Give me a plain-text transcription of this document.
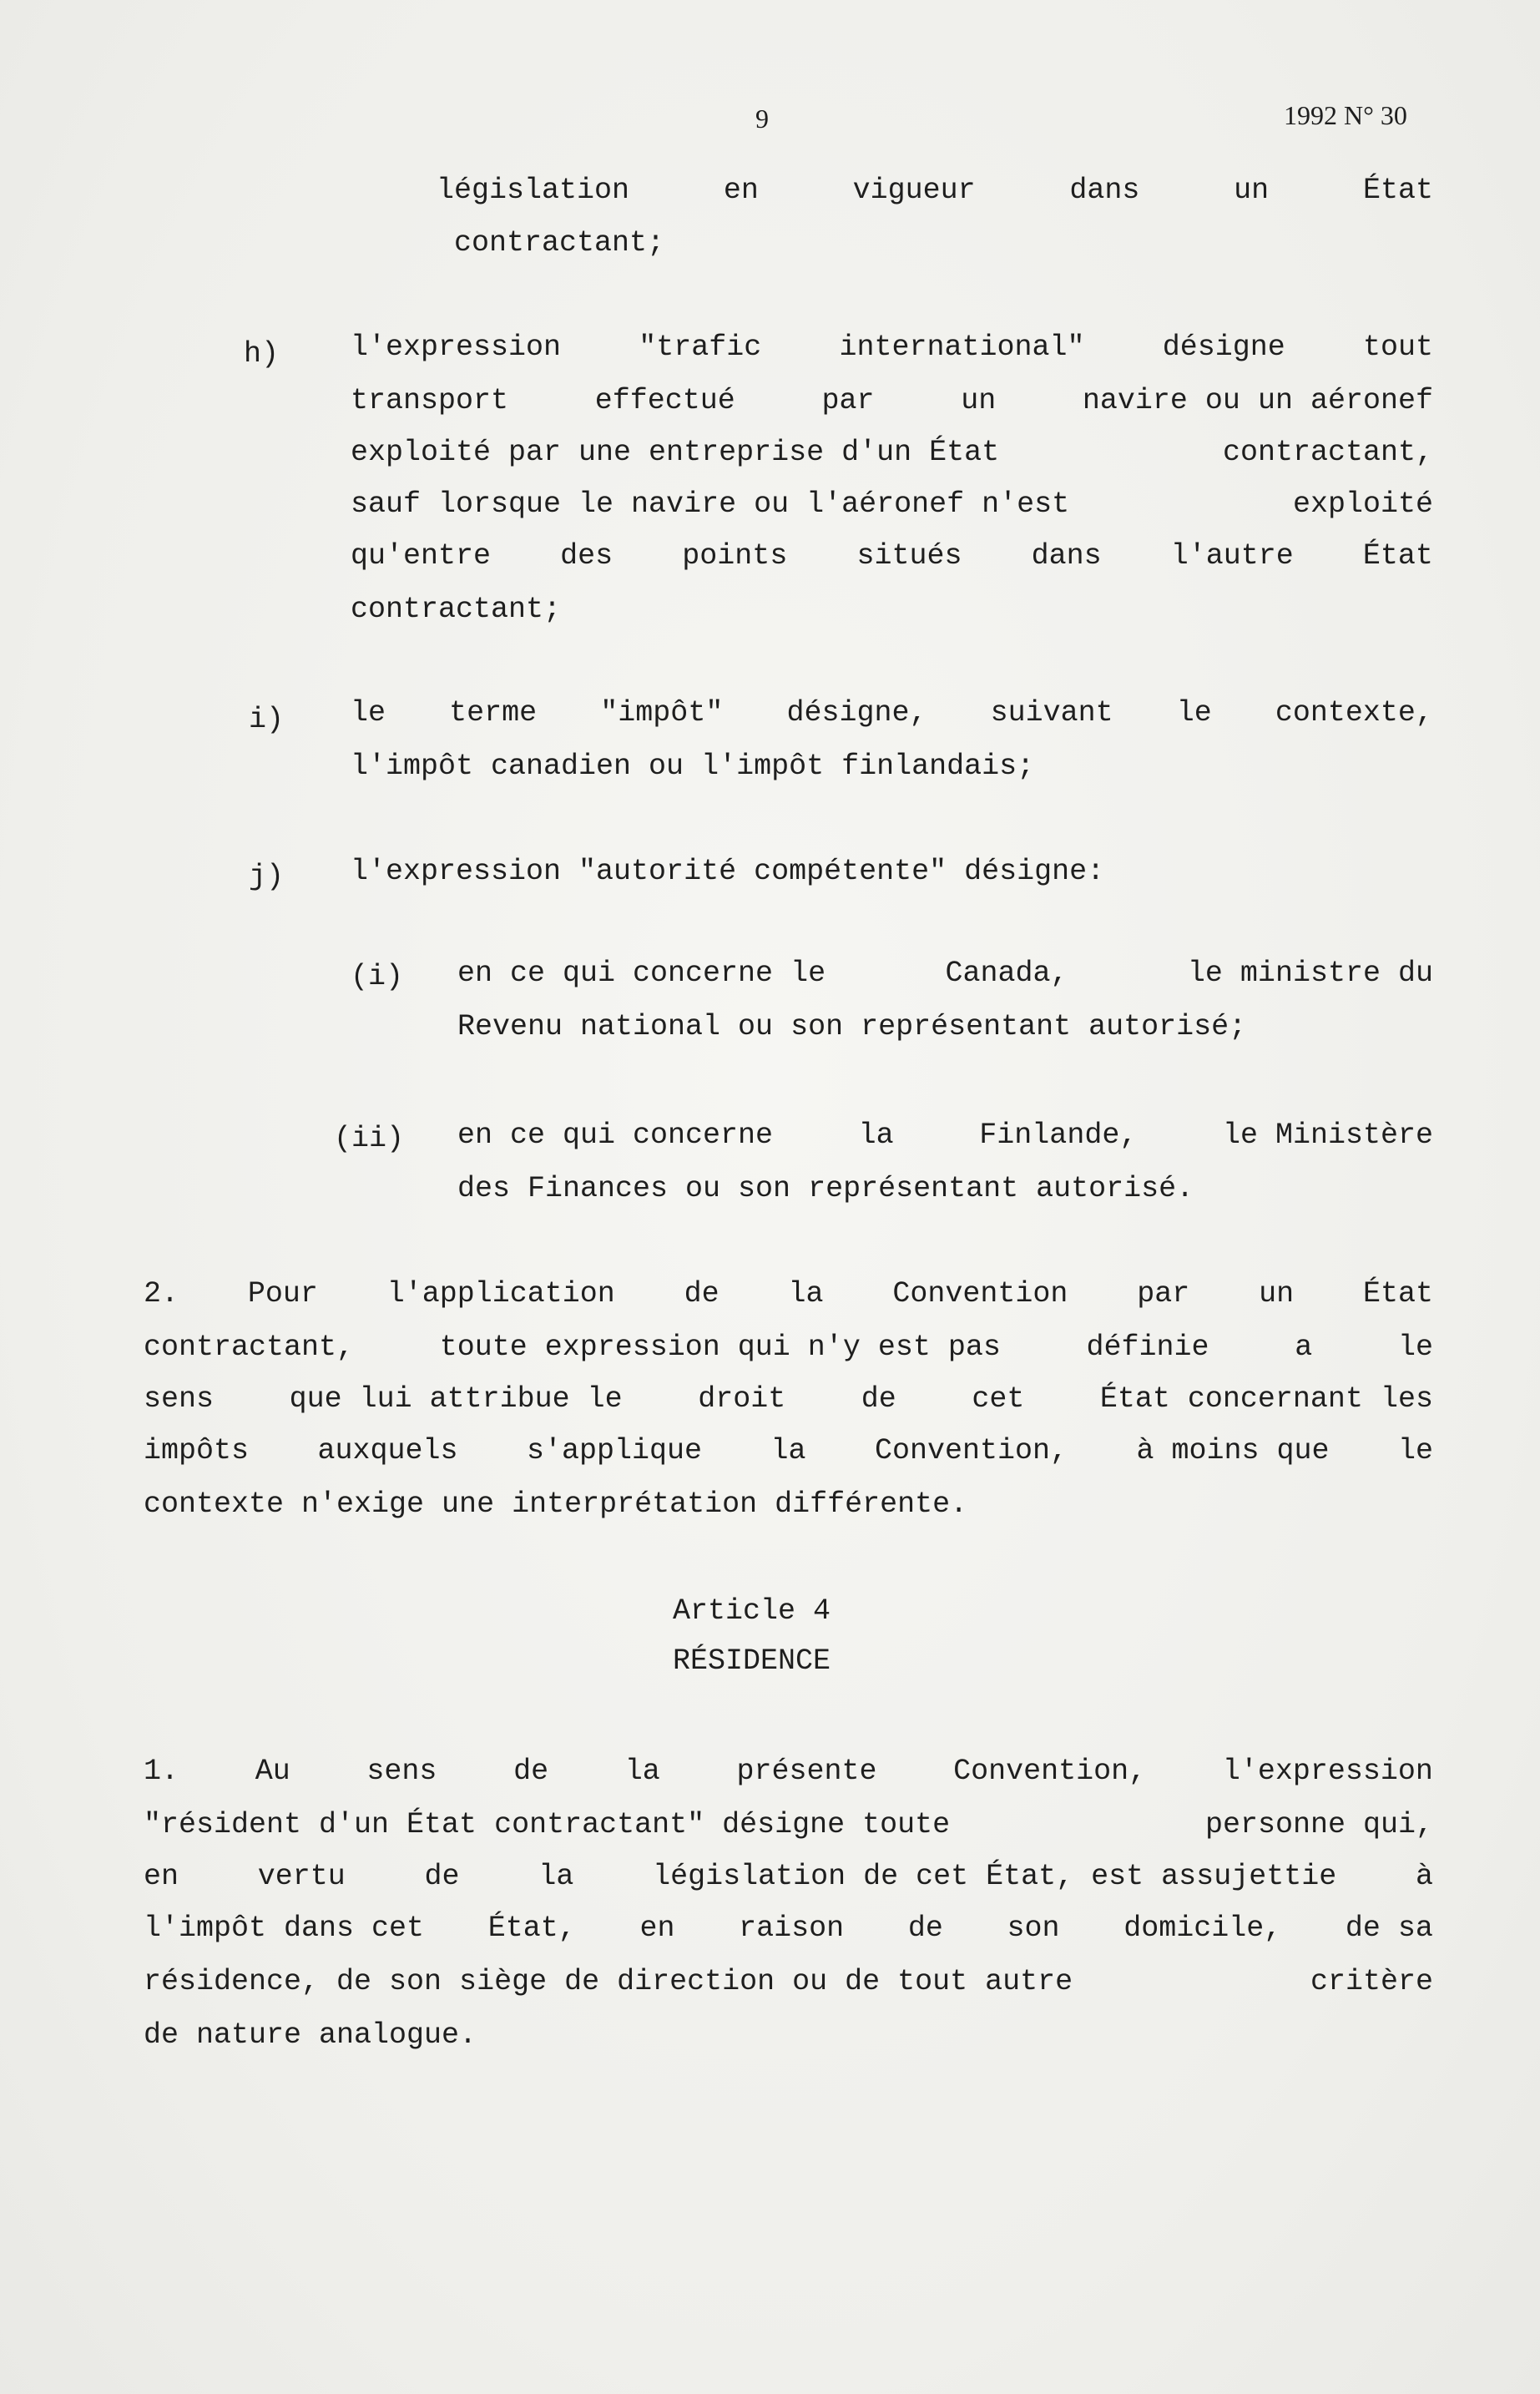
9	1992 N° 30
législation	en	vigueur	dans	un	État
contractant;
h) l'expression	"trafic	international"	désigne	tout
transport	effectué	par	un	navire ou un aéronef
exploité par une entreprise d'un État	contractant,
sauf lorsque le navire ou l'aéronef n'est	exploité
qu'entre des points situés dans l'autre État
contractant;
i) le terme "impôt" désigne, suivant le contexte,
l'impôt canadien ou l'impôt finlandais;
j) l'expression "autorité compétente" désigne:
(i) en ce qui concerne le	Canada,	le ministre du
Revenu national ou son représentant autorisé;
(ii) en ce qui concerne	la	Finlande,	le Ministère
des Finances ou son représentant autorisé.
2. Pour l'application de la Convention par un État
contractant,	toute expression qui n'y est pas	définie	a	le
sens	que lui attribue le	droit	de	cet	État concernant les
impôts auxquels s'applique la Convention, à moins que le
contexte n'exige une interprétation différente.
Article 4
RÉSIDENCE
1.	Au	sens	de	la	présente	Convention,	l'expression
"résident d'un État contractant" désigne toute	personne qui,
en	vertu	de	la	législation de cet État, est assujettie	à
l'impôt dans cet État, en raison de son domicile, de sa
résidence, de son siège de direction ou de tout autre	critère
de nature analogue.
